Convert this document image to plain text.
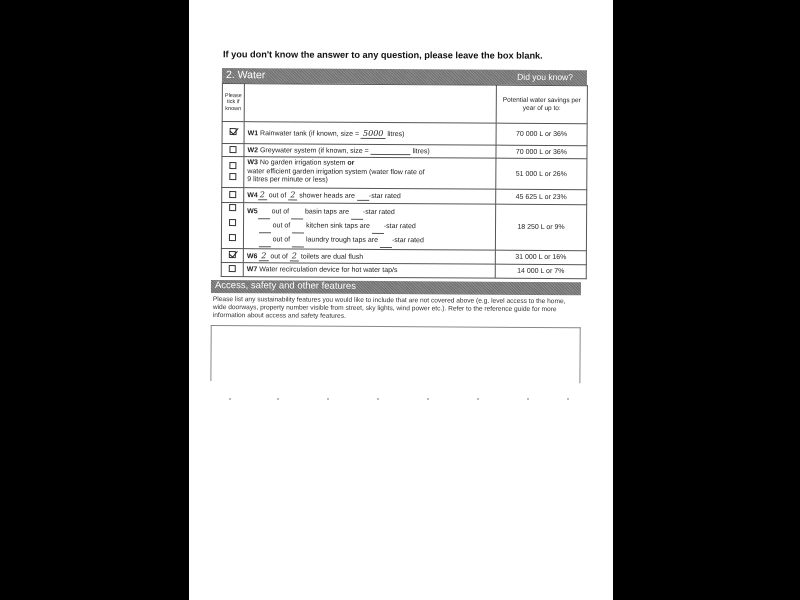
If you don't know the answer to any question, please leave the box blank.
2. Water	Did you know?
Please tick if known		Potential water savings per year of up to:
	W1 Rainwater tank (if known, size = 5000 litres)	70 000 L or 36%
	W2 Greywater system (if known, size = litres)	70 000 L or 36%

	W3 No garden irrigation system or
water efficient garden irrigation system (water flow rate of
9 litres per minute or less)	51 000 L or 26%
	W4 2 out of 2 shower heads are -star rated	45 625 L or 23%

	W5 out of basin taps are -star rated
out of kitchen sink taps are -star rated
out of laundry trough taps are -star rated	18 250 L or 9%
	W6 2 out of 2 toilets are dual flush	31 000 L or 16%
	W7 Water recirculation device for hot water tap/s	14 000 L or 7%
Access, safety and other features
Please list any sustainability features you would like to include that are not covered above (e.g. level access to the home, wide doorways, property number visible from street, sky lights, wind power etc.). Refer to the reference guide for more information about access and safety features.
